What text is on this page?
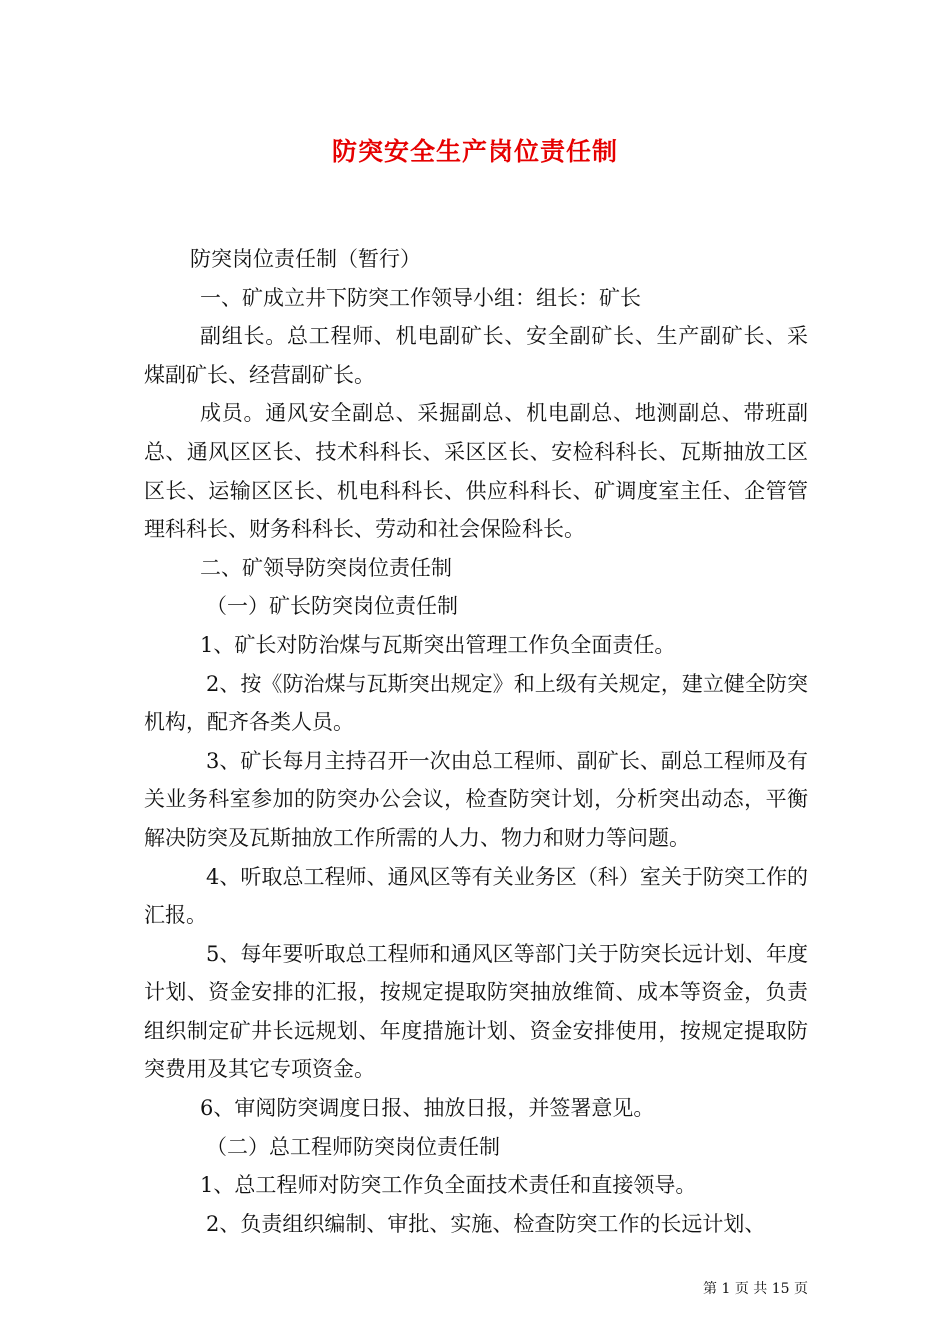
防突安全生产岗位责任制

防突岗位责任制（暂行）

一、矿成立井下防突工作领导小组：组长：矿长

副组长。总工程师、机电副矿长、安全副矿长、生产副矿长、采煤副矿长、经营副矿长。

成员。通风安全副总、采掘副总、机电副总、地测副总、带班副总、通风区区长、技术科科长、采区区长、安检科科长、瓦斯抽放工区区长、运输区区长、机电科科长、供应科科长、矿调度室主任、企管管理科科长、财务科科长、劳动和社会保险科长。

二、矿领导防突岗位责任制

（一）矿长防突岗位责任制

1、矿长对防治煤与瓦斯突出管理工作负全面责任。

2、按《防治煤与瓦斯突出规定》和上级有关规定，建立健全防突机构，配齐各类人员。

3、矿长每月主持召开一次由总工程师、副矿长、副总工程师及有关业务科室参加的防突办公会议，检查防突计划，分析突出动态，平衡解决防突及瓦斯抽放工作所需的人力、物力和财力等问题。

4、听取总工程师、通风区等有关业务区（科）室关于防突工作的汇报。

5、每年要听取总工程师和通风区等部门关于防突长远计划、年度计划、资金安排的汇报，按规定提取防突抽放维简、成本等资金，负责组织制定矿井长远规划、年度措施计划、资金安排使用，按规定提取防突费用及其它专项资金。

6、审阅防突调度日报、抽放日报，并签署意见。

（二）总工程师防突岗位责任制

1、总工程师对防突工作负全面技术责任和直接领导。

2、负责组织编制、审批、实施、检查防突工作的长远计划、

第 1 页 共 15 页
